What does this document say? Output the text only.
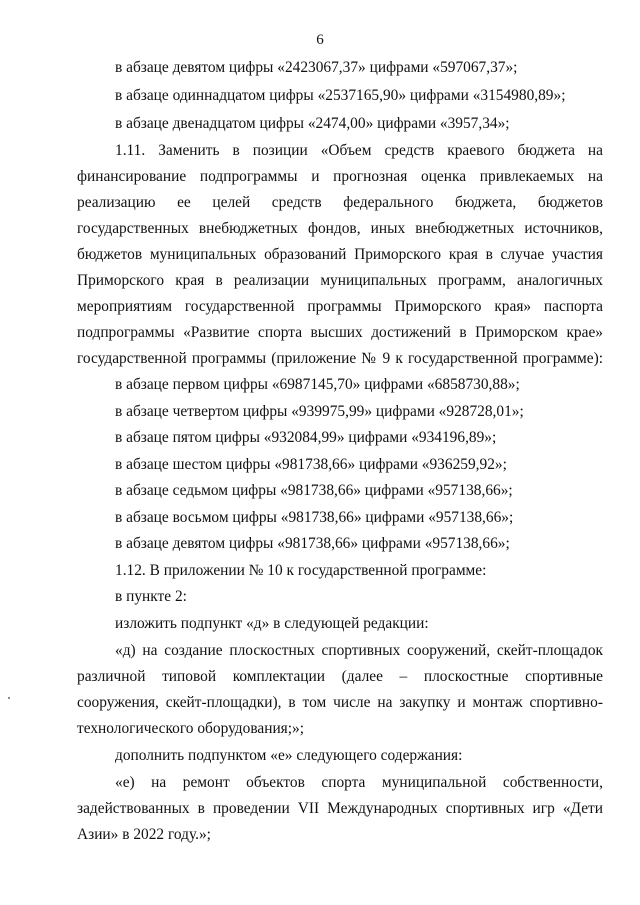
6
в абзаце девятом цифры «2423067,37» цифрами «597067,37»;
в абзаце одиннадцатом цифры «2537165,90» цифрами «3154980,89»;
в абзаце двенадцатом цифры «2474,00» цифрами «3957,34»;
1.11. Заменить в позиции «Объем средств краевого бюджета на
финансирование подпрограммы и прогнозная оценка привлекаемых на
реализацию ее целей средств федерального бюджета, бюджетов
государственных внебюджетных фондов, иных внебюджетных источников,
бюджетов муниципальных образований Приморского края в случае участия
Приморского края в реализации муниципальных программ, аналогичных
мероприятиям государственной программы Приморского края» паспорта
подпрограммы «Развитие спорта высших достижений в Приморском крае»
государственной программы (приложение № 9 к государственной программе):
в абзаце первом цифры «6987145,70» цифрами «6858730,88»;
в абзаце четвертом цифры «939975,99» цифрами «928728,01»;
в абзаце пятом цифры «932084,99» цифрами «934196,89»;
в абзаце шестом цифры «981738,66» цифрами «936259,92»;
в абзаце седьмом цифры «981738,66» цифрами «957138,66»;
в абзаце восьмом цифры «981738,66» цифрами «957138,66»;
в абзаце девятом цифры «981738,66» цифрами «957138,66»;
1.12. В приложении № 10 к государственной программе:
в пункте 2:
изложить подпункт «д» в следующей редакции:
«д) на создание плоскостных спортивных сооружений, скейт-площадок
различной типовой комплектации (далее – плоскостные спортивные
сооружения, скейт-площадки), в том числе на закупку и монтаж спортивно-
технологического оборудования;»;
дополнить подпунктом «е» следующего содержания:
«е) на ремонт объектов спорта муниципальной собственности,
задействованных в проведении VII Международных спортивных игр «Дети
Азии» в 2022 году.»;
